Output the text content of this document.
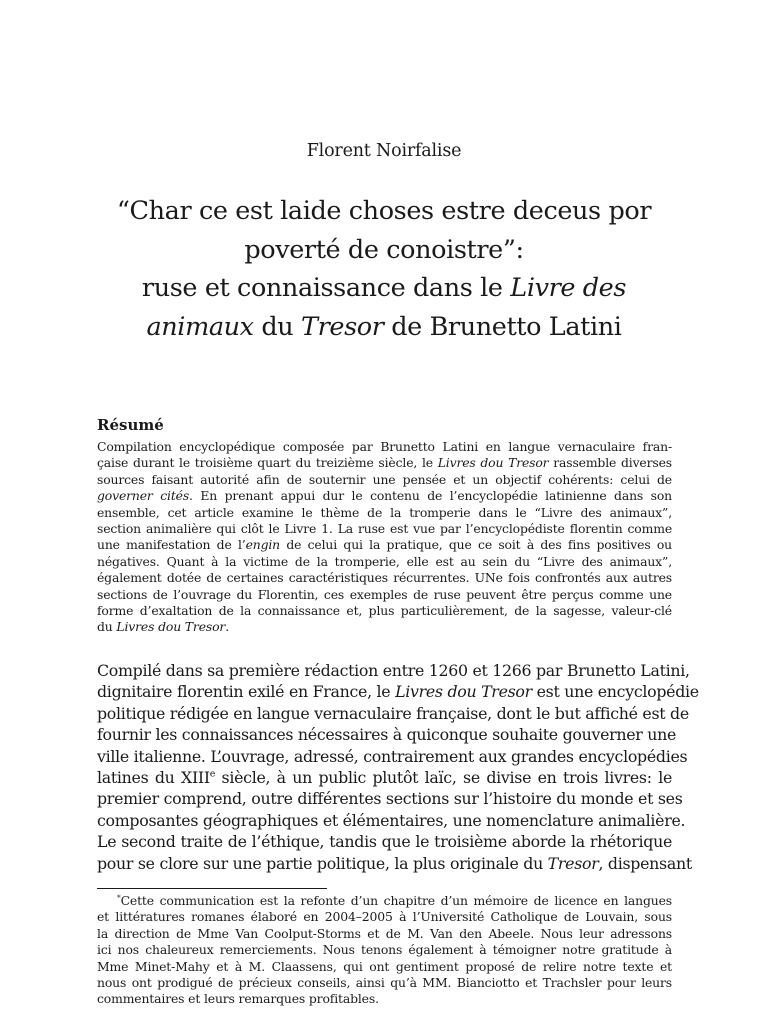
Florent Noirfalise
“Char ce est laide choses estre deceus por
poverté de conoistre”:
ruse et connaissance dans le Livre des
animaux du Tresor de Brunetto Latini
Résumé
Compilation encyclopédique composée par Brunetto Latini en langue vernaculaire fran-
çaise durant le troisième quart du treizième siècle, le Livres dou Tresor rassemble diverses
sources faisant autorité afin de souternir une pensée et un objectif cohérents: celui de
governer cités. En prenant appui dur le contenu de l’encyclopédie latinienne dans son
ensemble, cet article examine le thème de la tromperie dans le “Livre des animaux”,
section animalière qui clôt le Livre 1. La ruse est vue par l’encyclopédiste florentin comme
une manifestation de l’engin de celui qui la pratique, que ce soit à des fins positives ou
négatives. Quant à la victime de la tromperie, elle est au sein du “Livre des animaux”,
également dotée de certaines caractéristiques récurrentes. UNe fois confrontés aux autres
sections de l’ouvrage du Florentin, ces exemples de ruse peuvent être perçus comme une
forme d’exaltation de la connaissance et, plus particulièrement, de la sagesse, valeur-clé
du Livres dou Tresor.
Compilé dans sa première rédaction entre 1260 et 1266 par Brunetto Latini,
dignitaire florentin exilé en France, le Livres dou Tresor est une encyclopédie
politique rédigée en langue vernaculaire française, dont le but affiché est de
fournir les connaissances nécessaires à quiconque souhaite gouverner une
ville italienne. L’ouvrage, adressé, contrairement aux grandes encyclopédies
latines du XIIIe siècle, à un public plutôt laïc, se divise en trois livres: le
premier comprend, outre différentes sections sur l’histoire du monde et ses
composantes géographiques et élémentaires, une nomenclature animalière.
Le second traite de l’éthique, tandis que le troisième aborde la rhétorique
pour se clore sur une partie politique, la plus originale du Tresor, dispensant
*Cette communication est la refonte d’un chapitre d’un mémoire de licence en langues
et littératures romanes élaboré en 2004–2005 à l’Université Catholique de Louvain, sous
la direction de Mme Van Coolput-Storms et de M. Van den Abeele. Nous leur adressons
ici nos chaleureux remerciements. Nous tenons également à témoigner notre gratitude à
Mme Minet-Mahy et à M. Claassens, qui ont gentiment proposé de relire notre texte et
nous ont prodigué de précieux conseils, ainsi qu’à MM. Bianciotto et Trachsler pour leurs
commentaires et leurs remarques profitables.
